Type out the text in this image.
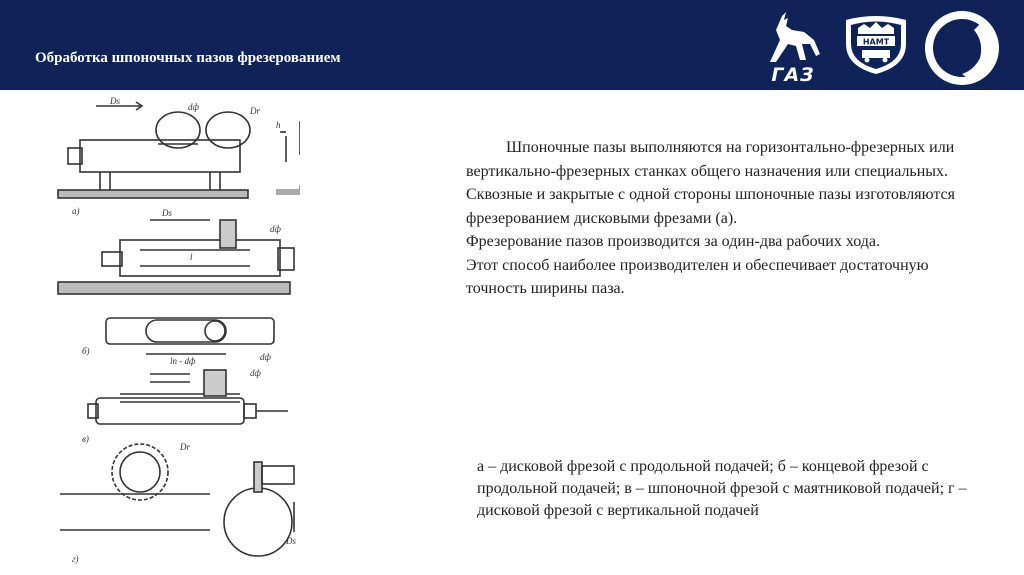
Обработка шпоночных пазов фрезерованием
ГАЗ
НАМТ
Ds
dф	Dr
а)
h
Ds
l
dф
lп - dф	dф
б)
dф
в)
Dr
г)
Ds

Шпоночные пазы выполняются на горизонтально-фрезерных или вертикально-фрезерных станках общего назначения или специальных.

Сквозные и закрытые с одной стороны шпоночные пазы изготовляются фрезерованием дисковыми фрезами (а).

Фрезерование пазов производится за один-два рабочих хода.

Этот способ наиболее производителен и обеспечивает достаточную точность ширины паза.

а – дисковой фрезой с продольной подачей; б – концевой фрезой с продольной подачей; в – шпоночной фрезой с маятниковой подачей; г – дисковой фрезой с вертикальной подачей
